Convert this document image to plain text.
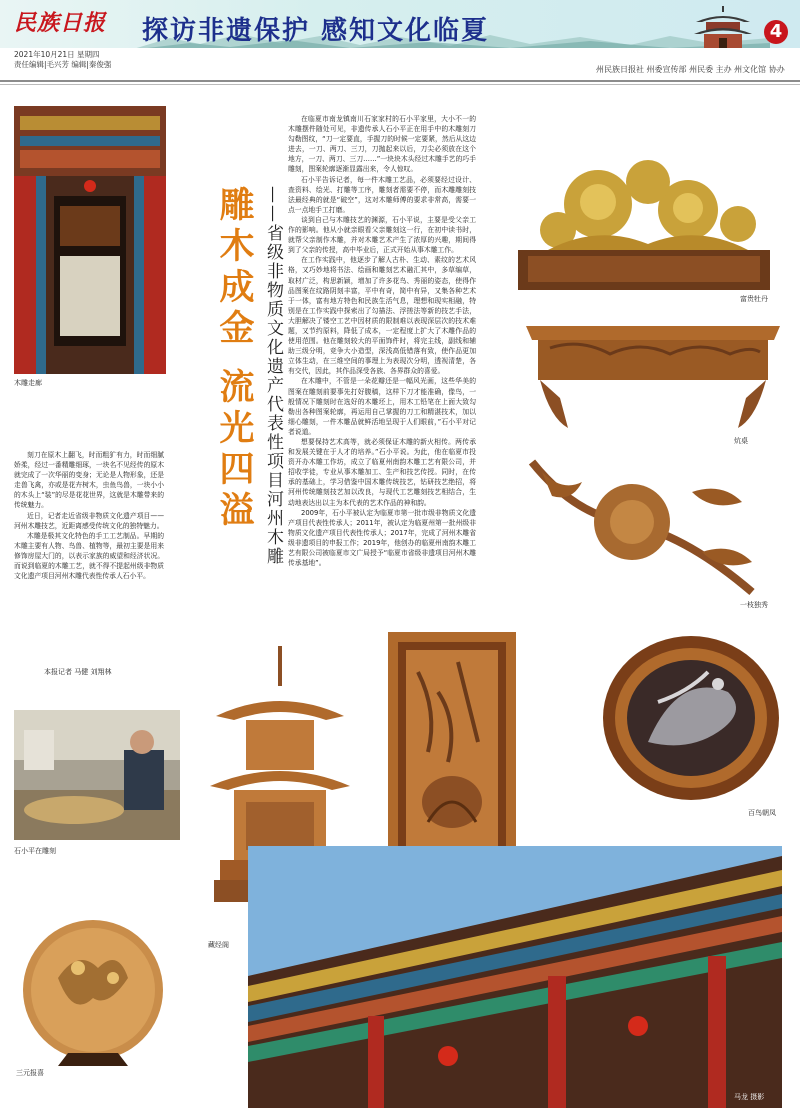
民族日报 探访非遗保护 感知文化临夏	4
2021年10月21日 星期四
责任编辑|毛兴芳 编辑|秦俊强
州民族日报社 州委宣传部 州民委 主办 州文化馆 协办
木雕走廊

刻刀在原木上翻飞，时而粗犷有力，时而细腻娇柔，经过一番精雕细琢，一块名不见经传的原木就完成了一次华丽的变身；无论是人物形象，还是走兽飞禽，亦或是花卉树木，虫鱼鸟兽，一块小小的木头上“装”的尽是花花世界，这就是木雕带来的传统魅力。

近日，记者走近省级非物质文化遗产项目——河州木雕技艺，近距离感受传统文化的独特魅力。

木雕是极其文化特色的手工工艺制品。早期的木雕主要有人物、鸟兽、植物等，最初主要是用来修饰房屋大门的，以表示家族的威望和经济状况。而说到临夏的木雕工艺，就不得不提起州级非物质文化遗产项目河州木雕代表性传承人石小平。

本报记者 马健 刘翔林
石小平在雕刻
三元报喜
雕木成金 流光四溢 ——省级非物质文化遗产代表性项目河州木雕

在临夏市南龙镇南川石家家村的石小平家里，大小不一的木雕摆件随处可见，非遗传承人石小平正在用手中的木雕刻刀勾勒图纹，“刀一定要直，手握刀的时候一定要紧，然后从这边进去，一刀、两刀、三刀，刀抛起来以后，刀尖必须放在这个地方，一刀、两刀、三刀……”一块块木头经过木雕手艺的巧手雕刻，图案轮廓逐渐显露出来，令人惊叹。

石小平告诉记者，每一件木雕工艺品，必须要经过设计、查资料、绘光、打雕等工序，雕刻者需要不停，而木雕雕刻技法最经典的就是“破空”，这对木雕师傅的要求非常高，需要一点一点地手工打磨。

谈到自己与木雕技艺的渊源，石小平说，主要是受父亲工作的影响。他从小就亲眼看父亲雕刻这一行，在初中读书时，就帮父亲制作木雕，并对木雕艺术产生了浓厚的兴趣，期间得到了父亲的传授，高中毕业后，正式开始从事木雕工作。

在工作实践中，他逐步了解人古朴、生动、素纹的艺术风格，又巧妙地将书法、绘画和雕刻艺术融汇其中，多草编草，取材广泛，构思新颖，增加了许多花鸟、秀丽的姿态，使得作品图案在纹路阴刻丰富，平中有奇，简中有异，又集各种艺术于一体，富有地方特色和民族生活气息，理想和现实相融，特别是在工作实践中探索出了勾描法、浮搓法等新的技艺手法，大胆解决了镂空工艺中因材质的限制难以表现深层次的技术难题，又节约原料，降低了成本，一定程度上扩大了木雕作品的使用范围。他在雕刻较大的平面饰件时，将完主线，副线和辅助三级分明，竞争大小造型，深浅高低错落有致，使作品更加立体生动，在三维空间的事理上为表现次分明，透视清楚，各有交代，因此，其作品深受各族、各界群众的喜爱。

在木雕中，不管是一朵花瓣还是一幅风光画，这些华美的图案在雕刻前要事先打好腹稿，这样下刀才能准确，像鸟，一般情况下雕刻时在选好的木雕坯上，用木工铅笔在上面大致勾勒出各种图案轮廓，再运用自己掌握的刀工和精湛技术，加以细心雕刻，一件木雕品就鲜活地呈现于人们眼前，”石小平对记者说道。

想要保持艺术高等，就必须保证木雕的新火相传。两传承和发展关键在于人才的培养。”石小平说。为此，他在临夏市投资开办木雕工作坊，成立了临夏州南韵木雕工艺有限公司，并招收学徒，专业从事木雕加工、生产和技艺传授。同时，在传承的基础上，学习借鉴中国木雕传统技艺，钻研技艺绝招，将河州传统雕刻技艺加以改良，与现代工艺雕刻技艺相结合，生动地表达出以主为本代表的艺术作品的神和韵。

2009年，石小平被认定为临夏市第一批市级非物质文化遗产项目代表性传承人；2011年，被认定为临夏州第一批州级非物质文化遗产项目代表性传承人；2017年，完成了河州木雕省级非遗项目的申报工作；2019年，他创办的临夏州南韵木雕工艺有限公司被临夏市文广局授予“临夏市省级非遗项目河州木雕传承基地”。

富贵牡丹
炕桌
一枝独秀
藏经阁
百鸟朝凤
马龙 摄影
